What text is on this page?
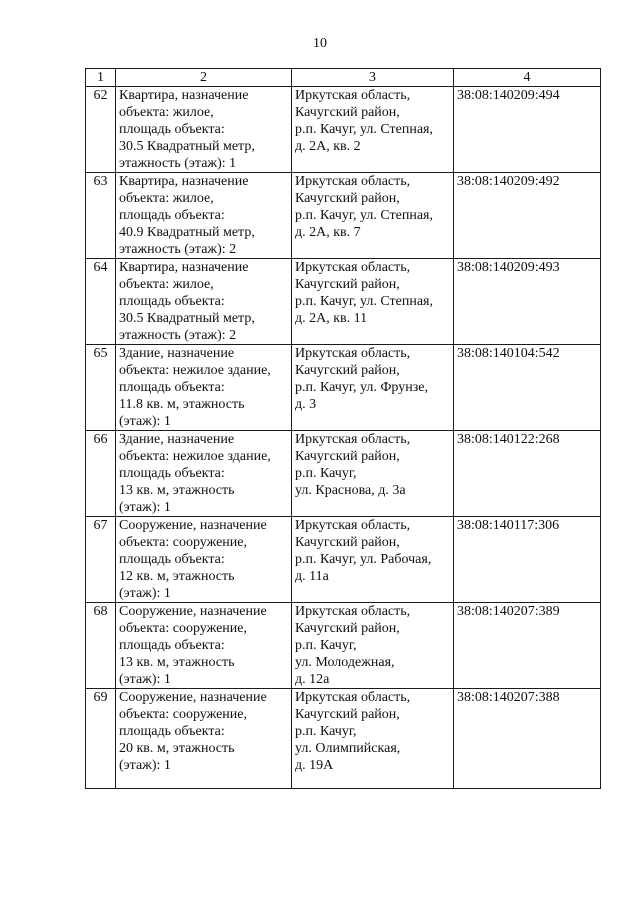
10
1	2	3	4
62	Квартира, назначение
объекта: жилое,
площадь объекта:
30.5 Квадратный метр,
этажность (этаж): 1	Иркутская область,
Качугский район,
р.п. Качуг, ул. Степная,
д. 2А, кв. 2	38:08:140209:494
63	Квартира, назначение
объекта: жилое,
площадь объекта:
40.9 Квадратный метр,
этажность (этаж): 2	Иркутская область,
Качугский район,
р.п. Качуг, ул. Степная,
д. 2А, кв. 7	38:08:140209:492
64	Квартира, назначение
объекта: жилое,
площадь объекта:
30.5 Квадратный метр,
этажность (этаж): 2	Иркутская область,
Качугский район,
р.п. Качуг, ул. Степная,
д. 2А, кв. 11	38:08:140209:493
65	Здание, назначение
объекта: нежилое здание,
площадь объекта:
11.8 кв. м, этажность
(этаж): 1	Иркутская область,
Качугский район,
р.п. Качуг, ул. Фрунзе,
д. 3	38:08:140104:542
66	Здание, назначение
объекта: нежилое здание,
площадь объекта:
13 кв. м, этажность
(этаж): 1	Иркутская область,
Качугский район,
р.п. Качуг,
ул. Краснова, д. 3а	38:08:140122:268
67	Сооружение, назначение
объекта: сооружение,
площадь объекта:
12 кв. м, этажность
(этаж): 1	Иркутская область,
Качугский район,
р.п. Качуг, ул. Рабочая,
д. 11а	38:08:140117:306
68	Сооружение, назначение
объекта: сооружение,
площадь объекта:
13 кв. м, этажность
(этаж): 1	Иркутская область,
Качугский район,
р.п. Качуг,
ул. Молодежная,
д. 12а	38:08:140207:389
69	Сооружение, назначение
объекта: сооружение,
площадь объекта:
20 кв. м, этажность
(этаж): 1	Иркутская область,
Качугский район,
р.п. Качуг,
ул. Олимпийская,
д. 19А	38:08:140207:388
